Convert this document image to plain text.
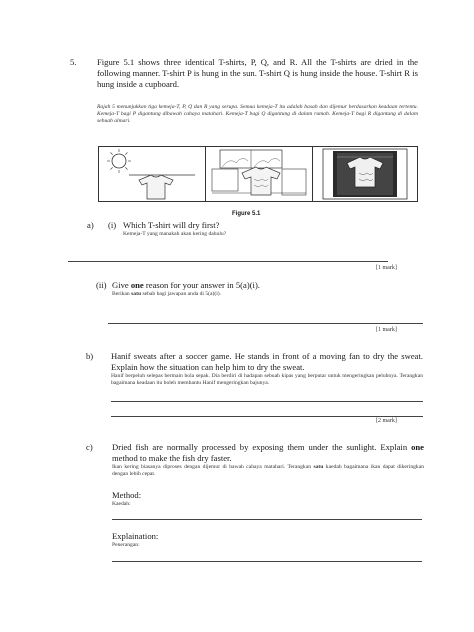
5. Figure 5.1 shows three identical T-shirts, P, Q, and R. All the T-shirts are dried in the following manner. T-shirt P is hung in the sun. T-shirt Q is hung inside the house. T-shirt R is hung inside a cupboard.
Rajah 5 menunjukkan tiga kemeja-T, P, Q dan R yang serupa. Semua kemeja-T itu adalah basah dan dijemur berdasarkan keadaan tertentu. Kemeja-T bagi P digantung dibawah cahaya matahari. Kemeja-T bagi Q digantung di dalam rumah. Kemeja-T bagi R digantung di dalam sebuah almari.
Figure 5.1
a) (i) Which T-shirt will dry first?
Kemeja-T yang manakah akan kering dahulu?
[1 mark]
(ii) Give one reason for your answer in 5(a)(i).
Berikan satu sebab bagi jawapan anda di 5(a)(i).
[1 mark]
b) Hanif sweats after a soccer game. He stands in front of a moving fan to dry the sweat. Explain how the situation can help him to dry the sweat.
Hanif berpeluh selepas bermain bola sepak. Dia berdiri di hadapan sebuah kipas yang berputar untuk mengeringkan peluhnya. Terangkan bagaimana keadaan itu boleh membantu Hanif mengeringkan bajunya.
[2 mark]
c) Dried fish are normally processed by exposing them under the sunlight. Explain one method to make the fish dry faster.
Ikan kering biasanya diproses dengan dijemur di bawah cahaya matahari. Terangkan satu kaedah bagaimana ikan dapat dikeringkan dengan lebih cepat.
Method:
Kaedah:
Explaination:
Penerangan:
